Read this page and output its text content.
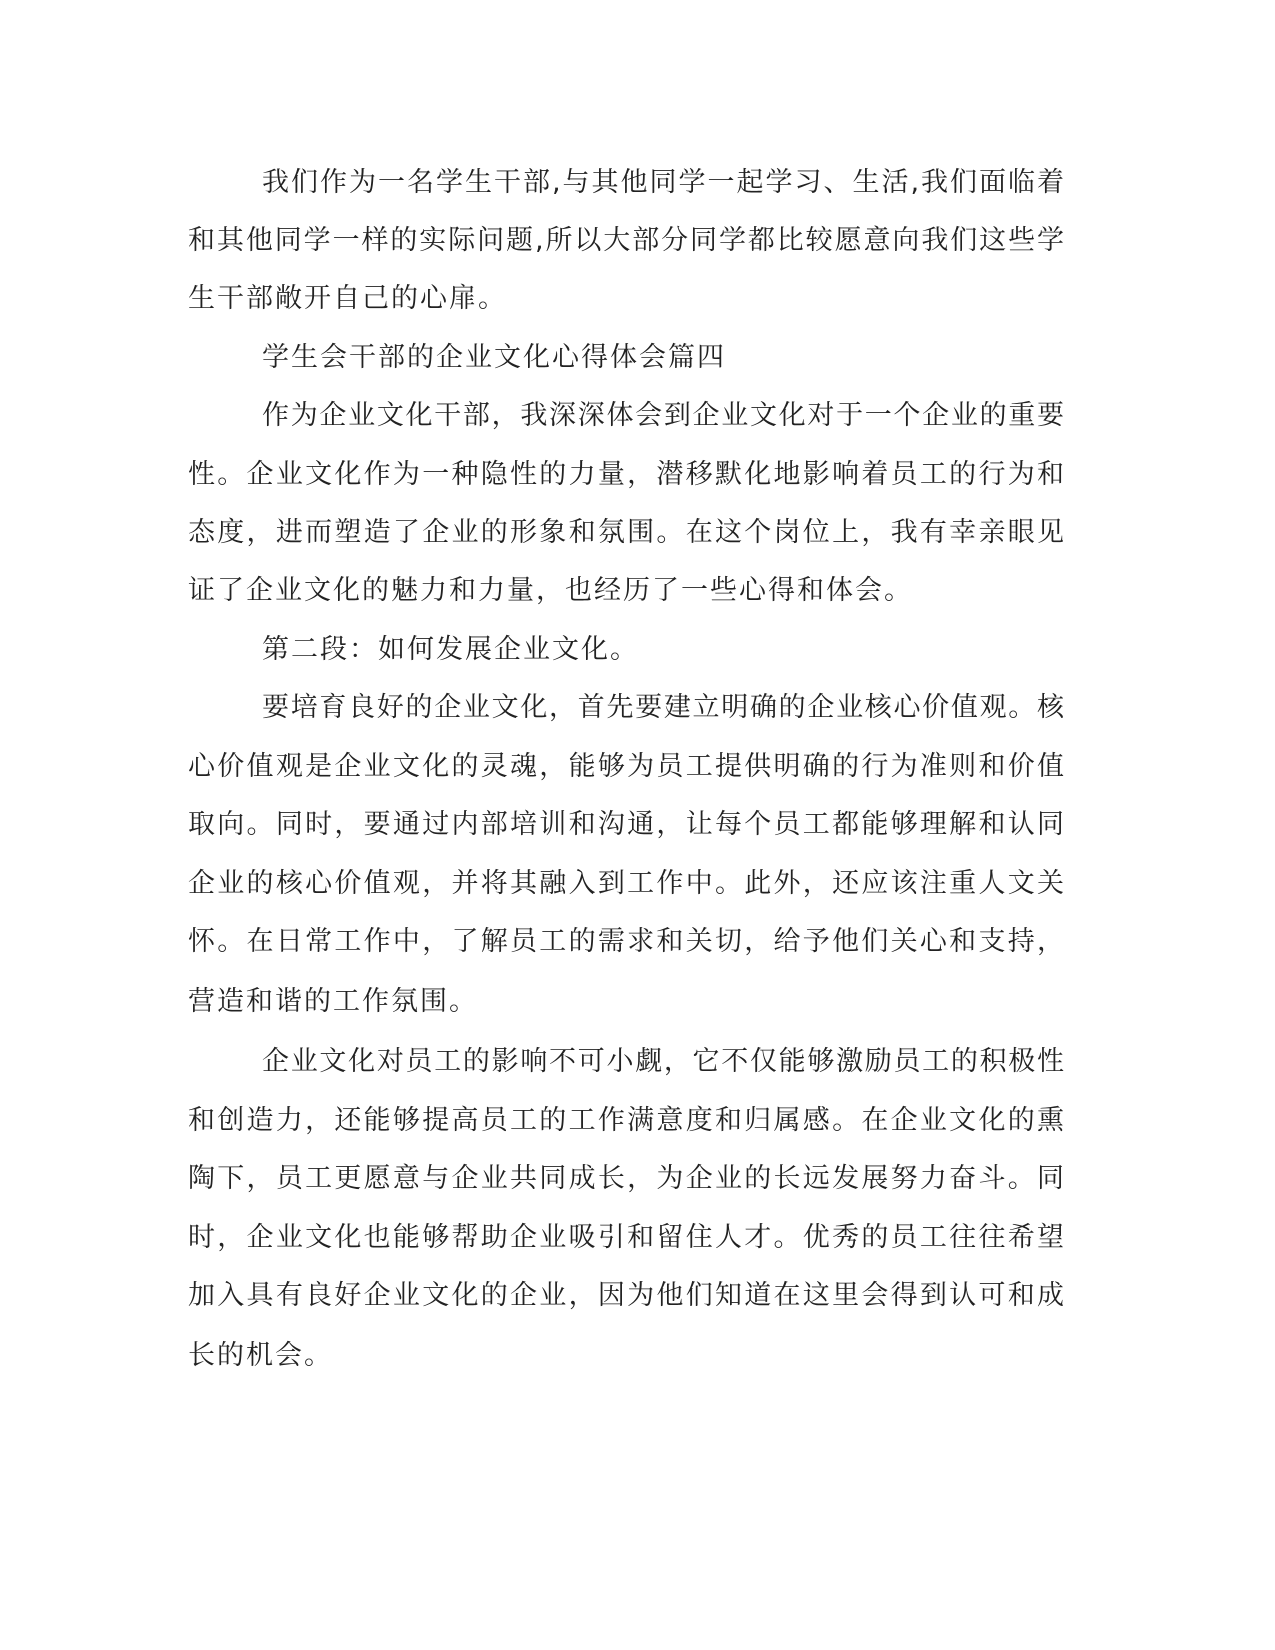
我们作为一名学生干部,与其他同学一起学习、生活,我们面临着
和其他同学一样的实际问题,所以大部分同学都比较愿意向我们这些学
生干部敞开自己的心扉。
学生会干部的企业文化心得体会篇四
作为企业文化干部，我深深体会到企业文化对于一个企业的重要
性。企业文化作为一种隐性的力量，潜移默化地影响着员工的行为和
态度，进而塑造了企业的形象和氛围。在这个岗位上，我有幸亲眼见
证了企业文化的魅力和力量，也经历了一些心得和体会。
第二段：如何发展企业文化。
要培育良好的企业文化，首先要建立明确的企业核心价值观。核
心价值观是企业文化的灵魂，能够为员工提供明确的行为准则和价值
取向。同时，要通过内部培训和沟通，让每个员工都能够理解和认同
企业的核心价值观，并将其融入到工作中。此外，还应该注重人文关
怀。在日常工作中，了解员工的需求和关切，给予他们关心和支持，
营造和谐的工作氛围。
企业文化对员工的影响不可小觑，它不仅能够激励员工的积极性
和创造力，还能够提高员工的工作满意度和归属感。在企业文化的熏
陶下，员工更愿意与企业共同成长，为企业的长远发展努力奋斗。同
时，企业文化也能够帮助企业吸引和留住人才。优秀的员工往往希望
加入具有良好企业文化的企业，因为他们知道在这里会得到认可和成
长的机会。
